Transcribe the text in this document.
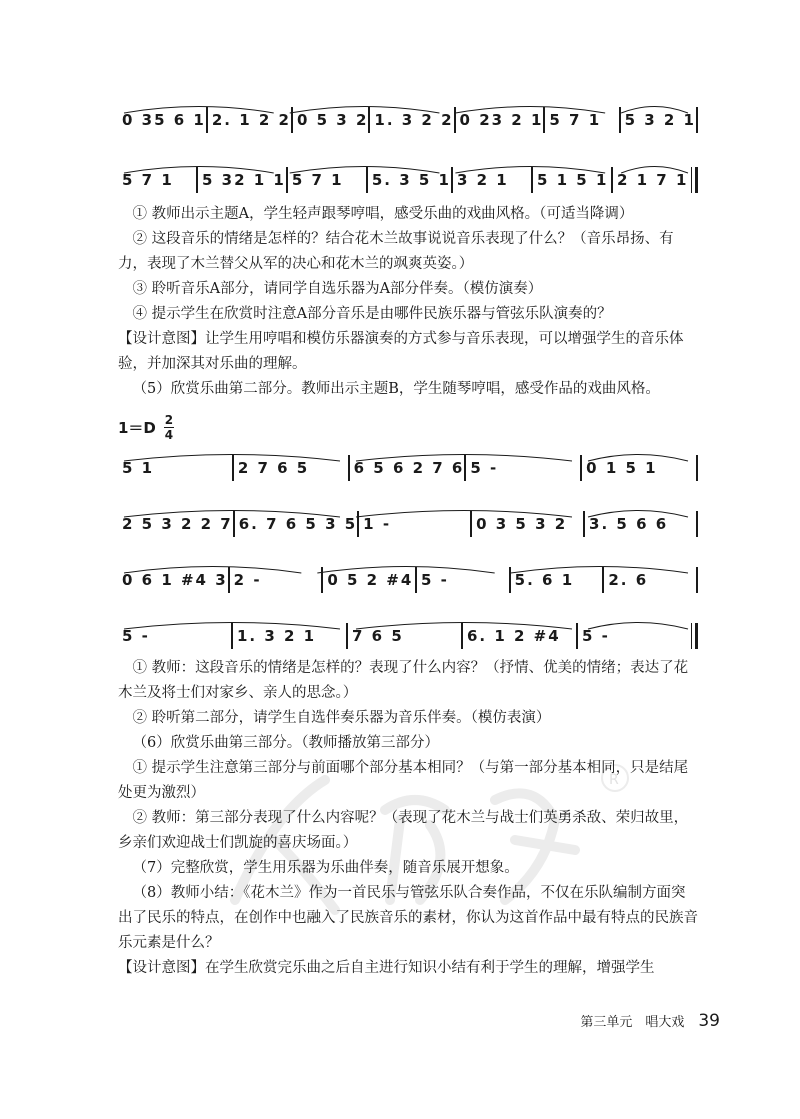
R
0 35 6 1 2. 1 2 2 0 5 3 2 1. 3 2 2 0 23 2 1 5 7 1	5 3 2 1
5 7 1	5 32 1 1 5 7 1	5. 3 5 1 3 2 1	5 1 5 1 2 1 7 1

① 教师出示主题A，学生轻声跟琴哼唱，感受乐曲的戏曲风格。（可适当降调）

② 这段音乐的情绪是怎样的？结合花木兰故事说说音乐表现了什么？（音乐昂扬、有力，表现了木兰替父从军的决心和花木兰的飒爽英姿。）

③ 聆听音乐A部分，请同学自选乐器为A部分伴奏。（模仿演奏）

④ 提示学生在欣赏时注意A部分音乐是由哪件民族乐器与管弦乐队演奏的？

【设计意图】让学生用哼唱和模仿乐器演奏的方式参与音乐表现，可以增强学生的音乐体验，并加深其对乐曲的理解。

（5）欣赏乐曲第二部分。教师出示主题B，学生随琴哼唱，感受作品的戏曲风格。

1＝D 2
4
5 1	2 7 6 5	6 5 6 2 7 6 5 -	0 1 5 1
2 5 3 2 2 7 6. 7 6 5 3 5 1 -	0 3 5 3 2	3. 5 6 6
0 6 1 #4 3 2 -	0 5 2 #4 5 -	5. 6 1	2. 6
5 -	1. 3 2 1	7 6 5	6. 1 2 #4	5 -

① 教师：这段音乐的情绪是怎样的？表现了什么内容？（抒情、优美的情绪；表达了花木兰及将士们对家乡、亲人的思念。）

② 聆听第二部分，请学生自选伴奏乐器为音乐伴奏。（模仿表演）

（6）欣赏乐曲第三部分。（教师播放第三部分）

① 提示学生注意第三部分与前面哪个部分基本相同？（与第一部分基本相同，只是结尾处更为激烈）

② 教师：第三部分表现了什么内容呢？（表现了花木兰与战士们英勇杀敌、荣归故里，乡亲们欢迎战士们凯旋的喜庆场面。）

（7）完整欣赏，学生用乐器为乐曲伴奏，随音乐展开想象。

（8）教师小结：《花木兰》作为一首民乐与管弦乐队合奏作品，不仅在乐队编制方面突出了民乐的特点，在创作中也融入了民族音乐的素材，你认为这首作品中最有特点的民族音乐元素是什么？

【设计意图】在学生欣赏完乐曲之后自主进行知识小结有利于学生的理解，增强学生

第三单元　唱大戏 39
